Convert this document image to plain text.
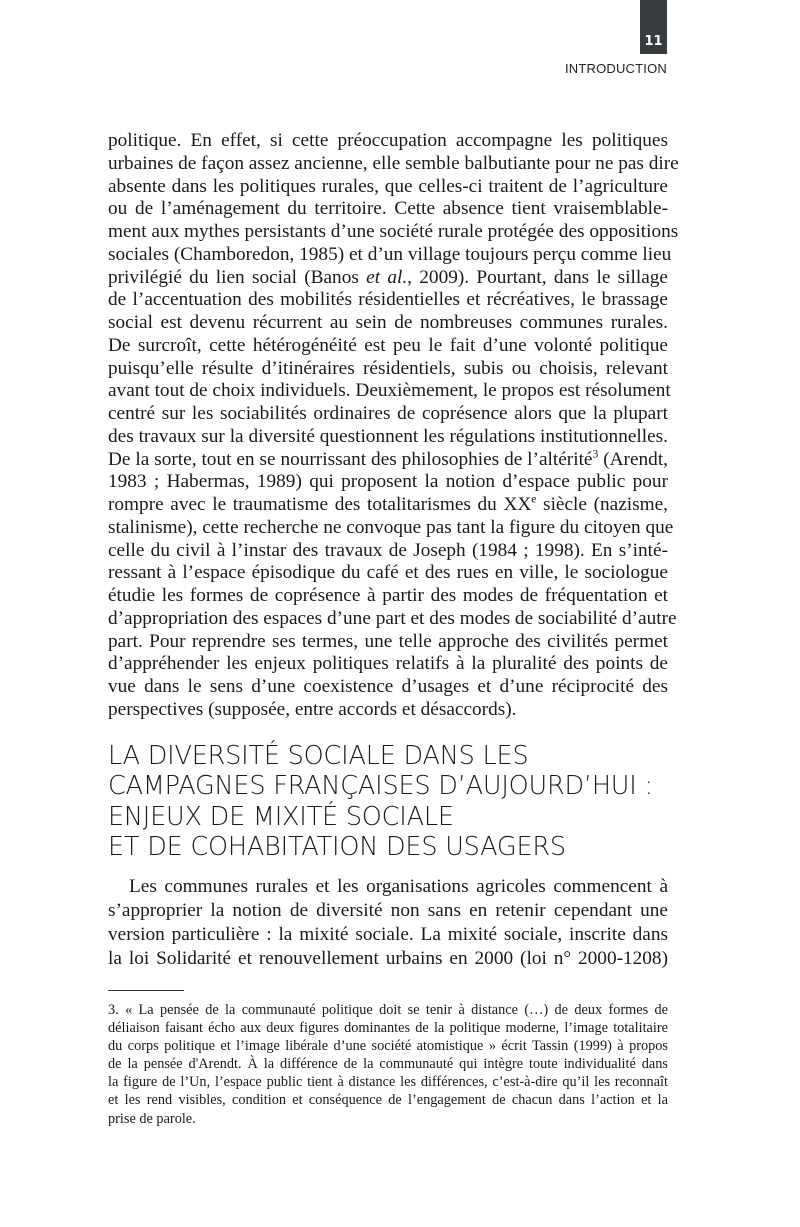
11
INTRODUCTION
politique. En effet, si cette préoccupation accompagne les politiques
urbaines de façon assez ancienne, elle semble balbutiante pour ne pas dire
absente dans les politiques rurales, que celles-ci traitent de l’agriculture
ou de l’aménagement du territoire. Cette absence tient vraisemblable-
ment aux mythes persistants d’une société rurale protégée des oppositions
sociales (Chamboredon, 1985) et d’un village toujours perçu comme lieu
privilégié du lien social (Banos et al., 2009). Pourtant, dans le sillage
de l’accentuation des mobilités résidentielles et récréatives, le brassage
social est devenu récurrent au sein de nombreuses communes rurales.
De surcroît, cette hétérogénéité est peu le fait d’une volonté politique
puisqu’elle résulte d’itinéraires résidentiels, subis ou choisis, relevant
avant tout de choix individuels. Deuxièmement, le propos est résolument
centré sur les sociabilités ordinaires de coprésence alors que la plupart
des travaux sur la diversité questionnent les régulations institutionnelles.
De la sorte, tout en se nourrissant des philosophies de l’altérité$^3$ (Arendt,
1983 ; Habermas, 1989) qui proposent la notion d’espace public pour
rompre avec le traumatisme des totalitarismes du XXe siècle (nazisme,
stalinisme), cette recherche ne convoque pas tant la figure du citoyen que
celle du civil à l’instar des travaux de Joseph (1984 ; 1998). En s’inté-
ressant à l’espace épisodique du café et des rues en ville, le sociologue
étudie les formes de coprésence à partir des modes de fréquentation et
d’appropriation des espaces d’une part et des modes de sociabilité d’autre
part. Pour reprendre ses termes, une telle approche des civilités permet
d’appréhender les enjeux politiques relatifs à la pluralité des points de
vue dans le sens d’une coexistence d’usages et d’une réciprocité des
perspectives (supposée, entre accords et désaccords).
LA DIVERSITÉ SOCIALE DANS LES
CAMPAGNES FRANÇAISES D’AUJOURD’HUI :
ENJEUX DE MIXITÉ SOCIALE
ET DE COHABITATION DES USAGERS
Les communes rurales et les organisations agricoles commencent à
s’approprier la notion de diversité non sans en retenir cependant une
version particulière : la mixité sociale. La mixité sociale, inscrite dans
la loi Solidarité et renouvellement urbains en 2000 (loi n° 2000-1208)
3. « La pensée de la communauté politique doit se tenir à distance (…) de deux formes de
déliaison faisant écho aux deux figures dominantes de la politique moderne, l’image totalitaire
du corps politique et l’image libérale d’une société atomistique » écrit Tassin (1999) à propos
de la pensée d'Arendt. À la différence de la communauté qui intègre toute individualité dans
la figure de l’Un, l’espace public tient à distance les différences, c’est-à-dire qu’il les reconnaît
et les rend visibles, condition et conséquence de l’engagement de chacun dans l’action et la
prise de parole.
